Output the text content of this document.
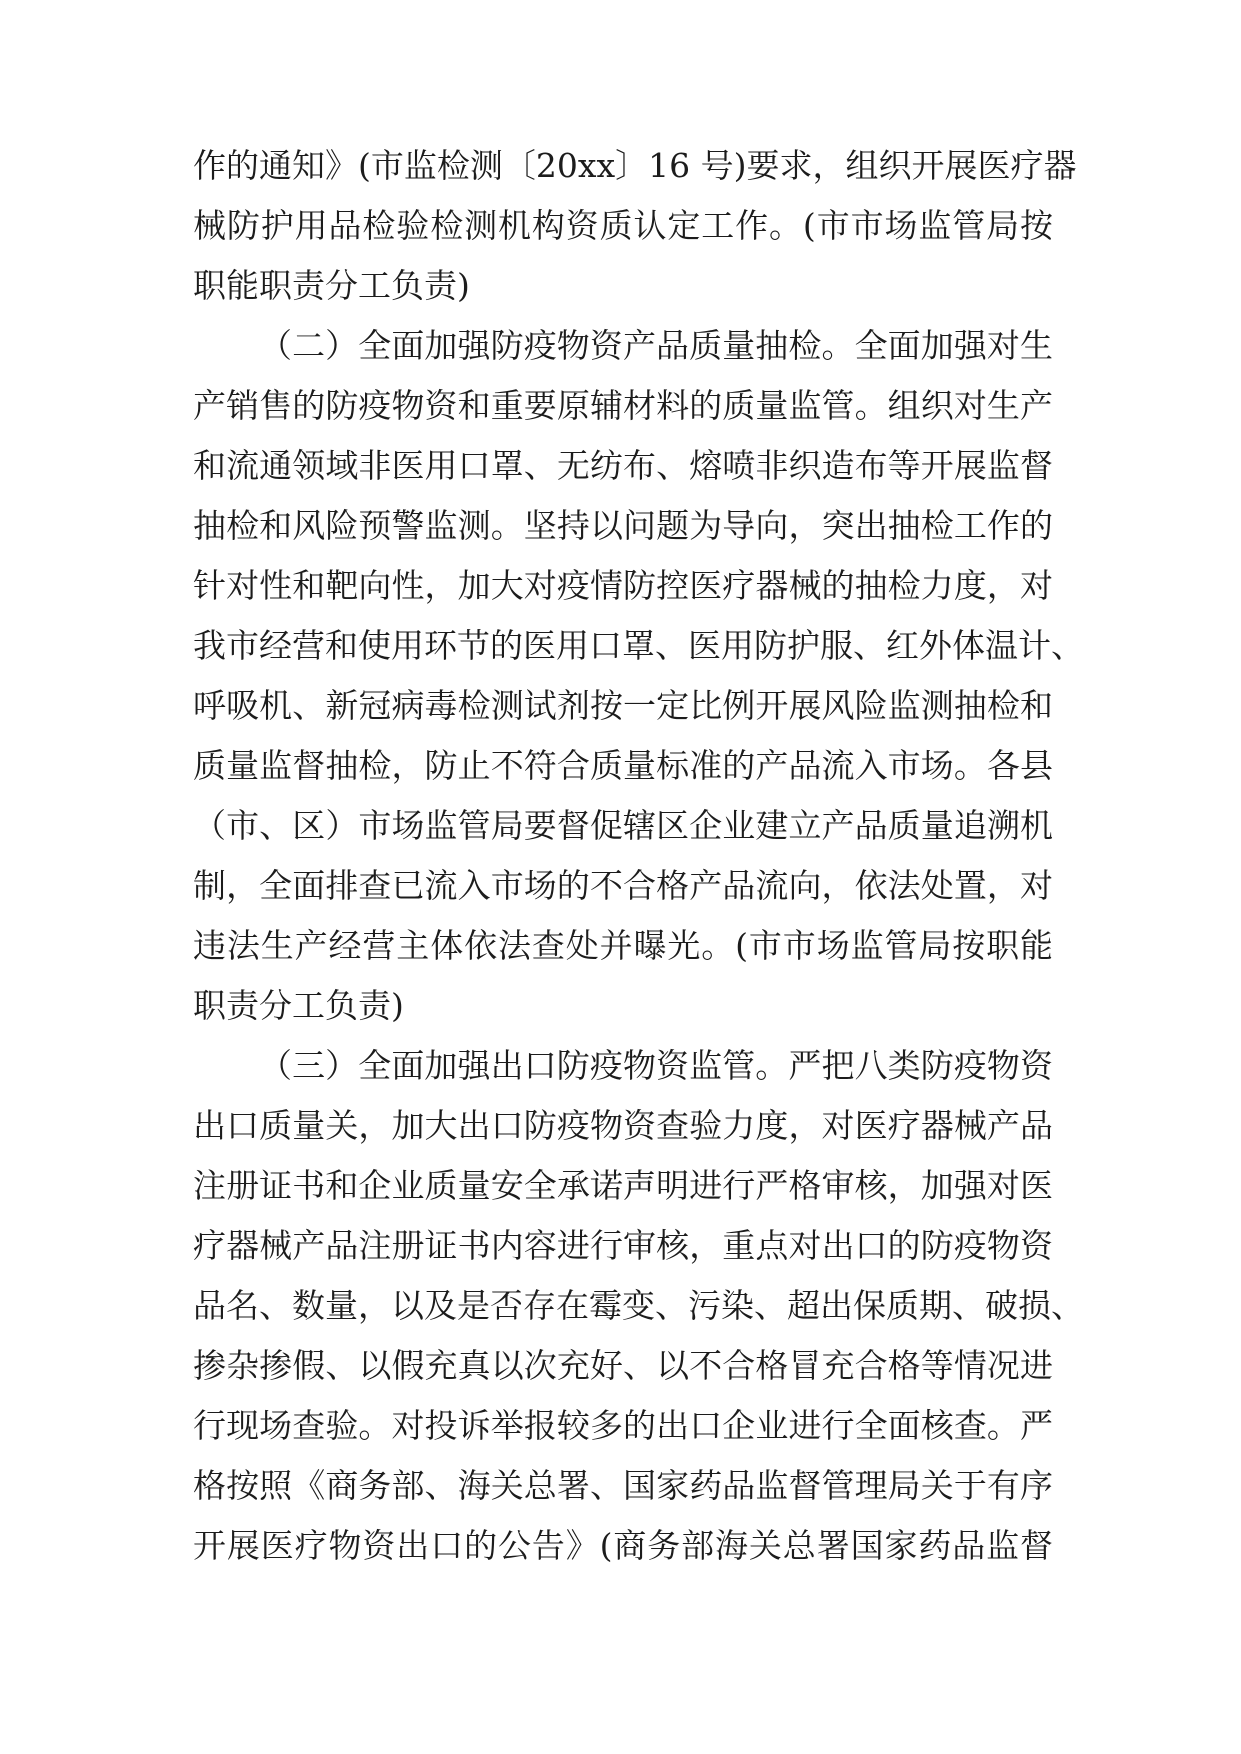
作的通知》(市监检测〔20xx〕16 号)要求，组织开展医疗器
械防护用品检验检测机构资质认定工作。(市市场监管局按
职能职责分工负责)
（二）全面加强防疫物资产品质量抽检。全面加强对生
产销售的防疫物资和重要原辅材料的质量监管。组织对生产
和流通领域非医用口罩、无纺布、熔喷非织造布等开展监督
抽检和风险预警监测。坚持以问题为导向，突出抽检工作的
针对性和靶向性，加大对疫情防控医疗器械的抽检力度，对
我市经营和使用环节的医用口罩、医用防护服、红外体温计、
呼吸机、新冠病毒检测试剂按一定比例开展风险监测抽检和
质量监督抽检，防止不符合质量标准的产品流入市场。各县
（市、区）市场监管局要督促辖区企业建立产品质量追溯机
制，全面排查已流入市场的不合格产品流向，依法处置，对
违法生产经营主体依法查处并曝光。(市市场监管局按职能
职责分工负责)
（三）全面加强出口防疫物资监管。严把八类防疫物资
出口质量关，加大出口防疫物资查验力度，对医疗器械产品
注册证书和企业质量安全承诺声明进行严格审核，加强对医
疗器械产品注册证书内容进行审核，重点对出口的防疫物资
品名、数量，以及是否存在霉变、污染、超出保质期、破损、
掺杂掺假、以假充真以次充好、以不合格冒充合格等情况进
行现场查验。对投诉举报较多的出口企业进行全面核查。严
格按照《商务部、海关总署、国家药品监督管理局关于有序
开展医疗物资出口的公告》(商务部海关总署国家药品监督
